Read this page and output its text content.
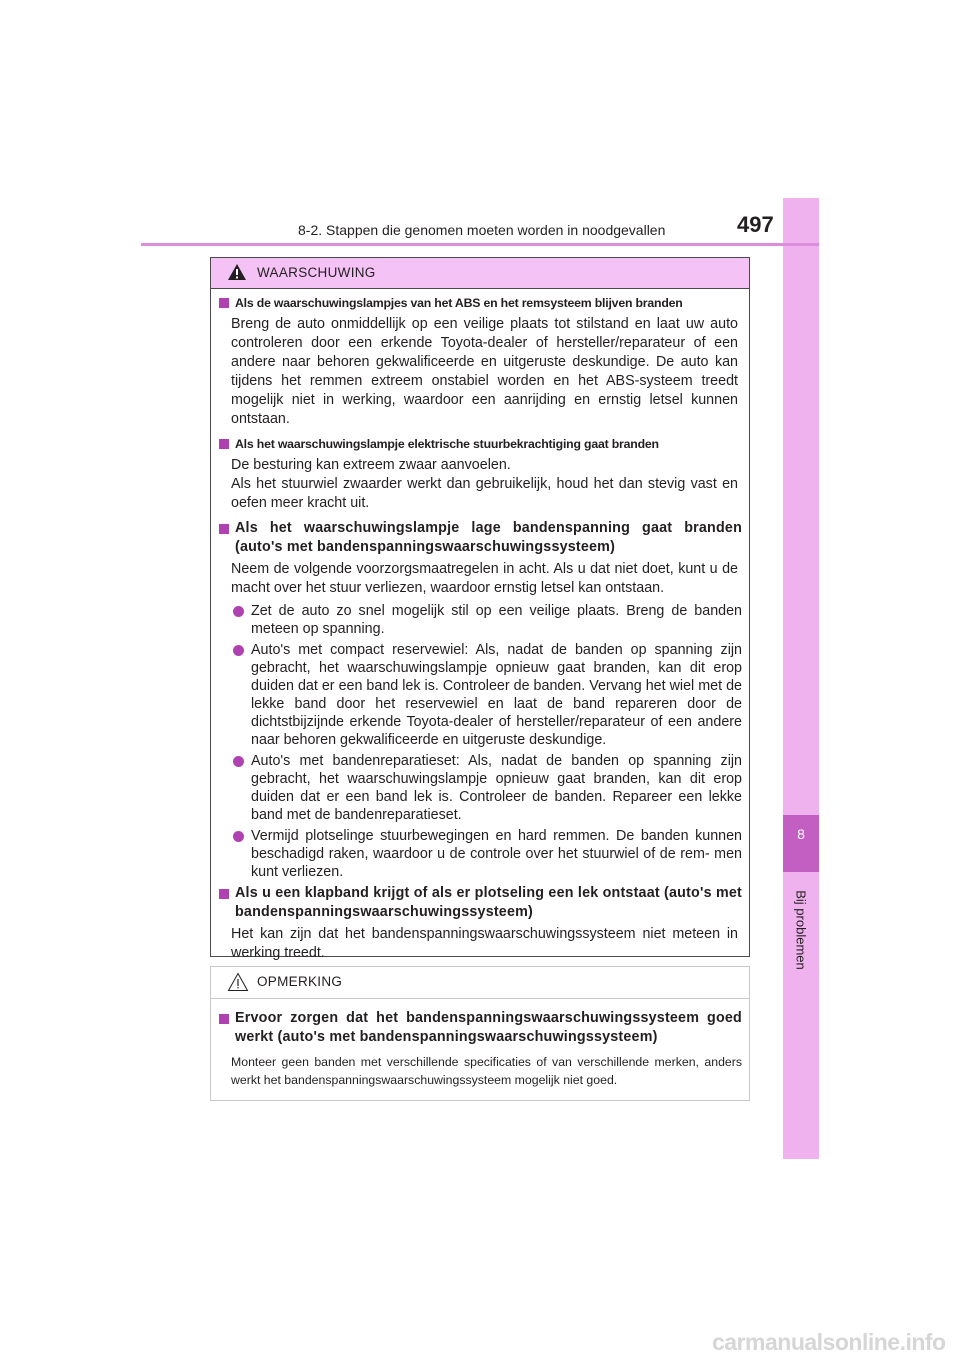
8
Bij problemen
8-2. Stappen die genomen moeten worden in noodgevallen	497
WAARSCHUWING

Als de waarschuwingslampjes van het ABS en het remsysteem blijven branden

Breng de auto onmiddellijk op een veilige plaats tot stilstand en laat uw auto controleren door een erkende Toyota-dealer of hersteller/reparateur of een andere naar behoren gekwalificeerde en uitgeruste deskundige. De auto kan tijdens het remmen extreem onstabiel worden en het ABS-systeem treedt mogelijk niet in werking, waardoor een aanrijding en ernstig letsel kunnen ontstaan.

Als het waarschuwingslampje elektrische stuurbekrachtiging gaat branden

De besturing kan extreem zwaar aanvoelen.
Als het stuurwiel zwaarder werkt dan gebruikelijk, houd het dan stevig vast en oefen meer kracht uit.

Als het waarschuwingslampje lage bandenspanning gaat branden (auto's met bandenspanningswaarschuwingssysteem)

Neem de volgende voorzorgsmaatregelen in acht. Als u dat niet doet, kunt u de macht over het stuur verliezen, waardoor ernstig letsel kan ontstaan.

Zet de auto zo snel mogelijk stil op een veilige plaats. Breng de banden meteen op spanning.

Auto's met compact reservewiel: Als, nadat de banden op spanning zijn gebracht, het waarschuwingslampje opnieuw gaat branden, kan dit erop duiden dat er een band lek is. Controleer de banden. Vervang het wiel met de lekke band door het reservewiel en laat de band repareren door de dichtstbijzijnde erkende Toyota-dealer of hersteller/reparateur of een andere naar behoren gekwalificeerde en uitgeruste deskundige.

Auto's met bandenreparatieset: Als, nadat de banden op spanning zijn gebracht, het waarschuwingslampje opnieuw gaat branden, kan dit erop duiden dat er een band lek is. Controleer de banden. Repareer een lekke band met de bandenreparatieset.

Vermijd plotselinge stuurbewegingen en hard remmen. De banden kunnen beschadigd raken, waardoor u de controle over het stuurwiel of de rem- men kunt verliezen.

Als u een klapband krijgt of als er plotseling een lek ontstaat (auto's met bandenspanningswaarschuwingssysteem)

Het kan zijn dat het bandenspanningswaarschuwingssysteem niet meteen in werking treedt.

OPMERKING

Ervoor zorgen dat het bandenspanningswaarschuwingssysteem goed werkt (auto's met bandenspanningswaarschuwingssysteem)

Monteer geen banden met verschillende specificaties of van verschillende merken, anders werkt het bandenspanningswaarschuwingssysteem mogelijk niet goed.

carmanualsonline.info
